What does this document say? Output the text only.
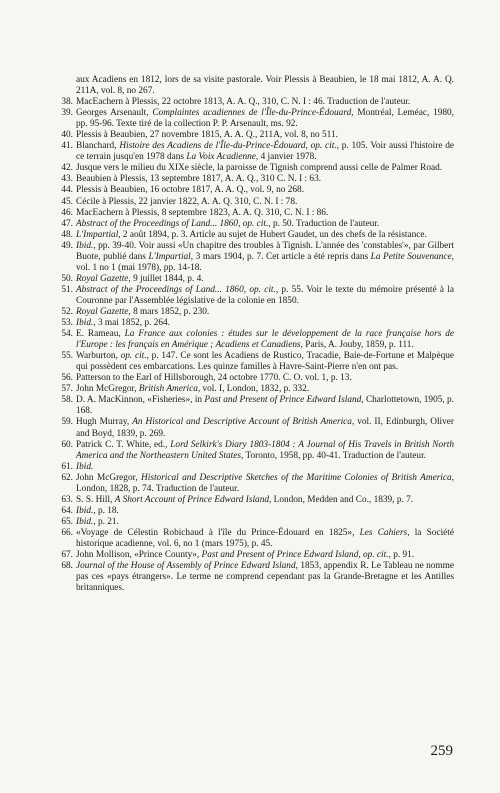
aux Acadiens en 1812, lors de sa visite pastorale. Voir Plessis à Beaubien, le 18 mai 1812, A. A. Q. 211A, vol. 8, no 267.
38 . MacEachern à Plessis, 22 octobre 1813, A. A. Q., 310, C. N. I : 46. Traduction de l'auteur.
39 . Georges Arsenault, Complaintes acadiennes de l'Île-du-Prince-Édouard, Montréal, Leméac, 1980, pp. 95-96. Texte tiré de la collection P. P. Arsenault, ms. 92.
40 . Plessis à Beaubien, 27 novembre 1815, A. A. Q., 211A, vol. 8, no 511.
41 . Blanchard, Histoire des Acadiens de l'Île-du-Prince-Édouard, op. cit., p. 105. Voir aussi l'histoire de ce terrain jusqu'en 1978 dans La Voix Acadienne, 4 janvier 1978.
42 . Jusque vers le milieu du XIXe siècle, la paroisse de Tignish comprend aussi celle de Palmer Road.
43 . Beaubien à Plessis, 13 septembre 1817, A. A. Q., 310 C. N. I : 63.
44 . Plessis à Beaubien, 16 octobre 1817, A. A. Q., vol. 9, no 268.
45 . Cécile à Plessis, 22 janvier 1822, A. A. Q. 310, C. N. I : 78.
46 . MacEachern à Plessis, 8 septembre 1823, A. A. Q. 310, C. N. I : 86.
47 . Abstract of the Proceedings of Land... 1860, op. cit., p. 50. Traduction de l'auteur.
48 . L'Impartial, 2 août 1894, p. 3. Article au sujet de Hubert Gaudet, un des chefs de la résistance.
49 . Ibid., pp. 39-40. Voir aussi «Un chapitre des troubles à Tignish. L'année des 'constables'», par Gilbert Buote, publié dans L'Impartial, 3 mars 1904, p. 7. Cet article a été repris dans La Petite Souvenance, vol. 1 no 1 (mai 1978), pp. 14-18.
50 . Royal Gazette, 9 juillet 1844, p. 4.
51 . Abstract of the Proceedings of Land... 1860, op. cit., p. 55. Voir le texte du mémoire présenté à la Couronne par l'Assemblée législative de la colonie en 1850.
52 . Royal Gazette, 8 mars 1852, p. 230.
53 . Ibid., 3 mai 1852, p. 264.
54 . E. Rameau, La France aux colonies : études sur le développement de la race française hors de l'Europe : les français en Amérique ; Acadiens et Canadiens, Paris, A. Jouby, 1859, p. 111.
55 . Warburton, op. cit., p. 147. Ce sont les Acadiens de Rustico, Tracadie, Baie-de-Fortune et Malpèque qui possèdent ces embarcations. Les quinze familles à Havre-Saint-Pierre n'en ont pas.
56 . Patterson to the Earl of Hillsborough, 24 octobre 1770. C. O. vol. 1, p. 13.
57 . John McGregor, British America, vol. I, London, 1832, p. 332.
58 . D. A. MacKinnon, «Fisheries», in Past and Present of Prince Edward Island, Charlottetown, 1905, p. 168.
59 . Hugh Murray, An Historical and Descriptive Account of British America, vol. II, Edinburgh, Oliver and Boyd, 1839, p. 269.
60 . Patrick C. T. White, ed., Lord Selkirk's Diary 1803-1804 : A Journal of His Travels in British North America and the Northeastern United States, Toronto, 1958, pp. 40-41. Traduction de l'auteur.
61 . Ibid.
62 . John McGregor, Historical and Descriptive Sketches of the Maritime Colonies of British America, London, 1828, p. 74. Traduction de l'auteur.
63 . S. S. Hill, A Short Account of Prince Edward Island, London, Medden and Co., 1839, p. 7.
64 . Ibid., p. 18.
65 . Ibid., p. 21.
66 . «Voyage de Célestin Robichaud à l'île du Prince-Édouard en 1825», Les Cahiers, la Société historique acadienne, vol. 6, no 1 (mars 1975), p. 45.
67 . John Mollison, «Prince County», Past and Present of Prince Edward Island, op. cit., p. 91.
68 . Journal of the House of Assembly of Prince Edward Island, 1853, appendix R. Le Tableau ne nomme pas ces «pays étrangers». Le terme ne comprend cependant pas la Grande-Bretagne et les Antilles britanniques.
259
